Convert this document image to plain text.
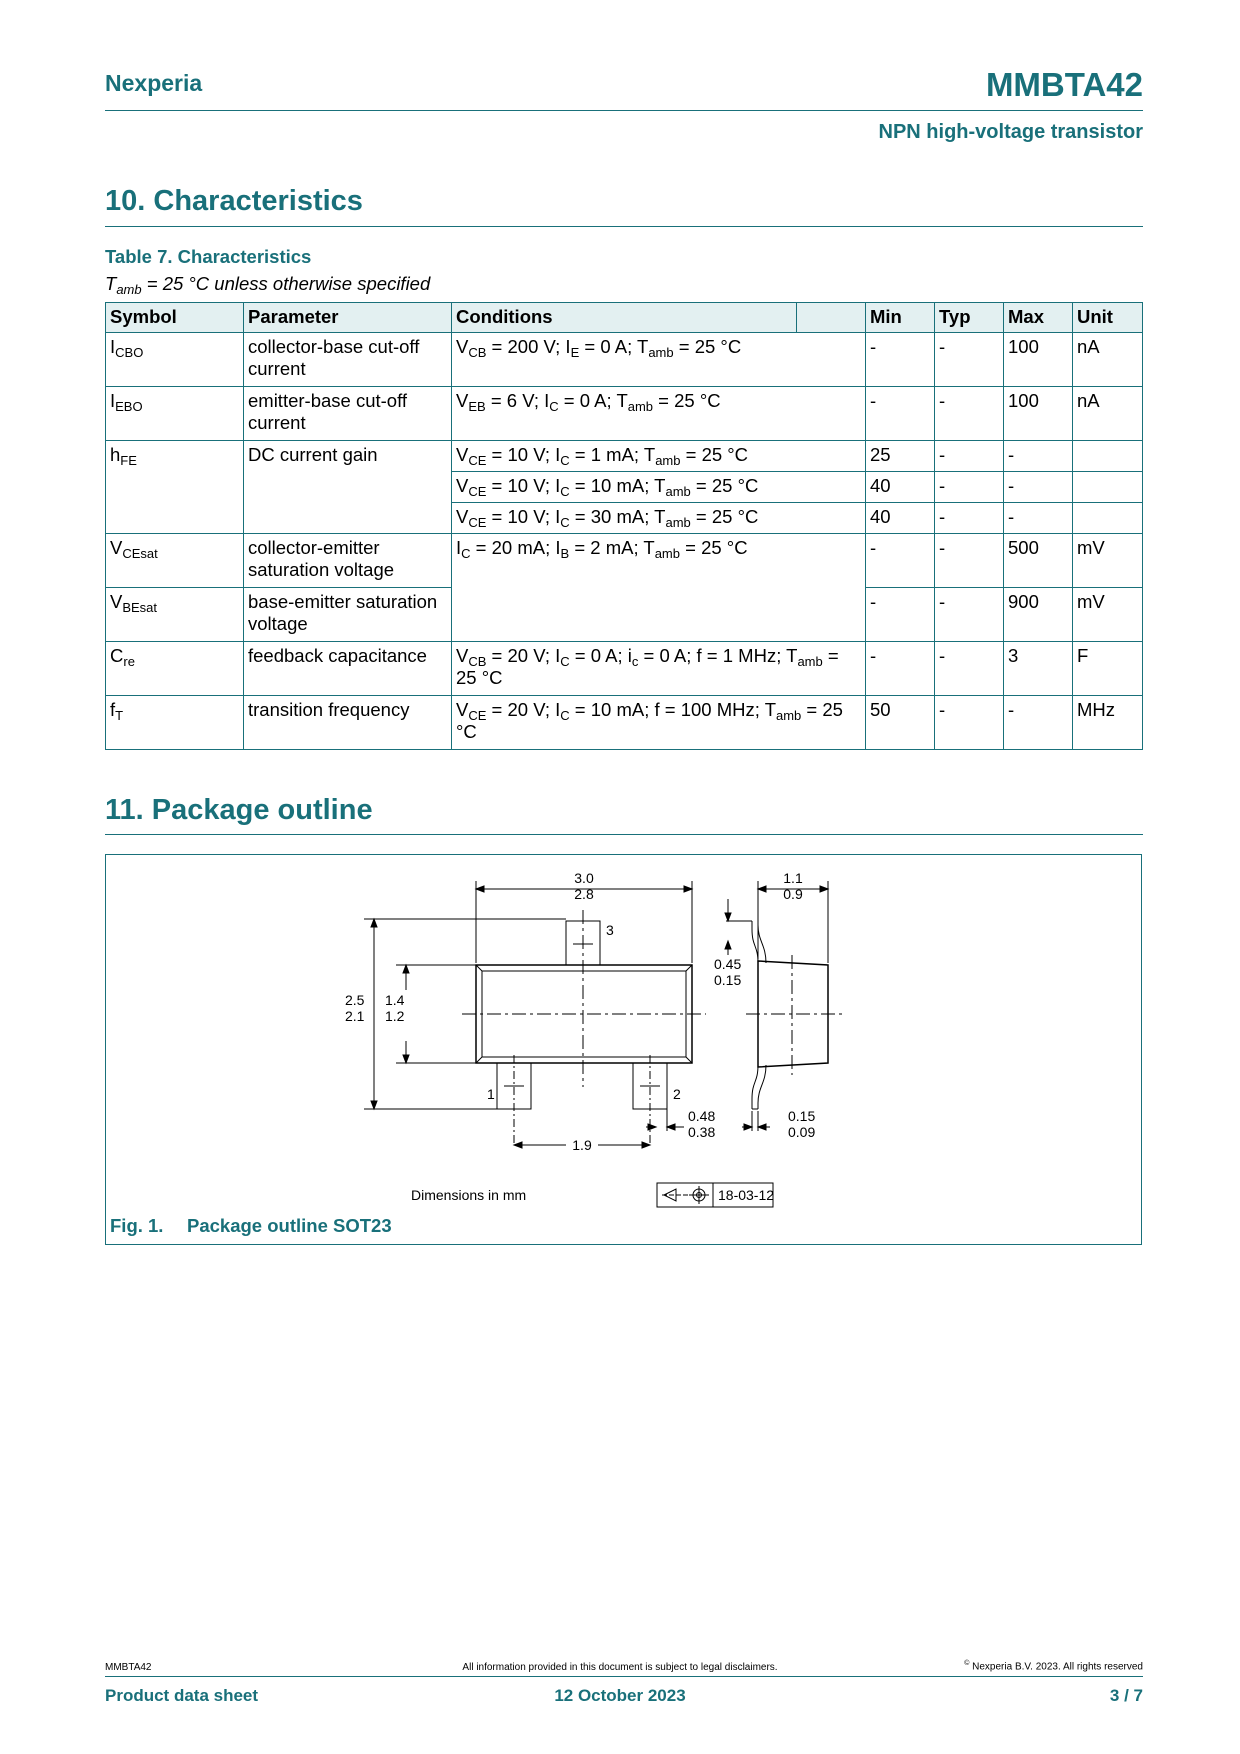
Nexperia	MMBTA42
NPN high-voltage transistor
10. Characteristics
Table 7. Characteristics
$T_{amb} = 25$ °C unless otherwise specified
Symbol	Parameter	Conditions		Min	Typ	Max	Unit
$I_{CBO}$	collector-base cut-off current	$V_{CB} = 200$ V; $I_E = 0$ A; $T_{amb} = 25$ °C		-	-	100	nA
$I_{EBO}$	emitter-base cut-off current	$V_{EB} = 6$ V; $I_C = 0$ A; $T_{amb} = 25$ °C		-	-	100	nA
$h_{FE}$	DC current gain	$V_{CE} = 10$ V; $I_C = 1$ mA; $T_{amb} = 25$ °C		25	-	-	
		$V_{CE} = 10$ V; $I_C = 10$ mA; $T_{amb} = 25$ °C		40	-	-	
		$V_{CE} = 10$ V; $I_C = 30$ mA; $T_{amb} = 25$ °C		40	-	-	
$V_{CEsat}$	collector-emitter saturation voltage	$I_C = 20$ mA; $I_B = 2$ mA; $T_{amb} = 25$ °C		-	-	500	mV
$V_{BEsat}$	base-emitter saturation voltage			-	-	900	mV
$C_{re}$	feedback capacitance	$V_{CB} = 20$ V; $I_C = 0$ A; $i_c = 0$ A; f = 1 MHz; $T_{amb} = 25$ °C		-	-	3	F
$f_T$	transition frequency	$V_{CE} = 20$ V; $I_C = 10$ mA; f = 100 MHz; $T_{amb} = 25$ °C		50	-	-	MHz
11. Package outline
3.0
2.8
2.5
2.1
1.4
1.2
1.9
0.48
0.38
1.1
0.9
0.45
0.15
0.15
0.09
1	2
3
Dimensions in mm	18-03-12
Fig. 1. Package outline SOT23
MMBTA42	All information provided in this document is subject to legal disclaimers.	© Nexperia B.V. 2023. All rights reserved
Product data sheet	12 October 2023	3 / 7
